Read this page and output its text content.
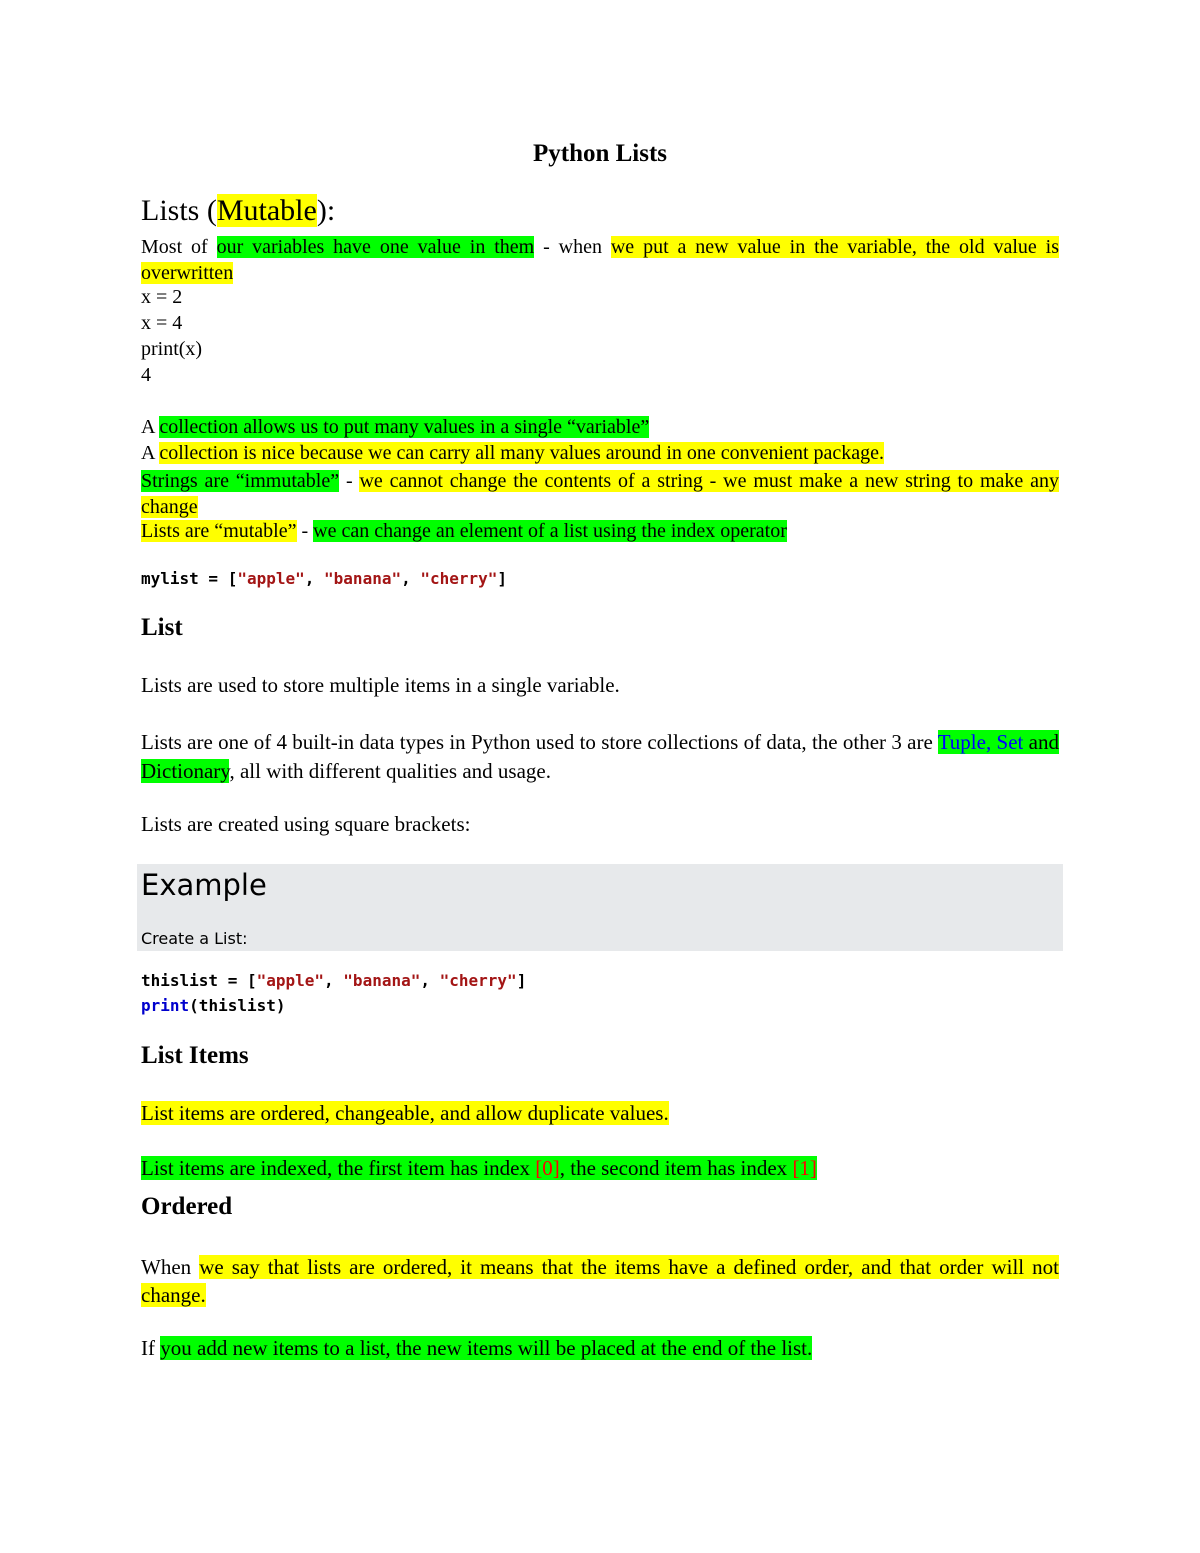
Python Lists
Lists (Mutable):
Most of our variables have one value in them - when we put a new value in the variable, the old value is overwritten
x = 2
x = 4
print(x)
4
A collection allows us to put many values in a single “variable”
A collection is nice because we can carry all many values around in one convenient package.
Strings are “immutable” - we cannot change the contents of a string - we must make a new string to make any change
Lists are “mutable” - we can change an element of a list using the index operator
mylist = ["apple", "banana", "cherry"]
List
Lists are used to store multiple items in a single variable.
Lists are one of 4 built-in data types in Python used to store collections of data, the other 3 are Tuple, Set and Dictionary, all with different qualities and usage.
Lists are created using square brackets:
Example
Create a List:
thislist = ["apple", "banana", "cherry"]
print(thislist)
List Items
List items are ordered, changeable, and allow duplicate values.
List items are indexed, the first item has index [0], the second item has index [1]
Ordered
When we say that lists are ordered, it means that the items have a defined order, and that order will not change.
If you add new items to a list, the new items will be placed at the end of the list.
